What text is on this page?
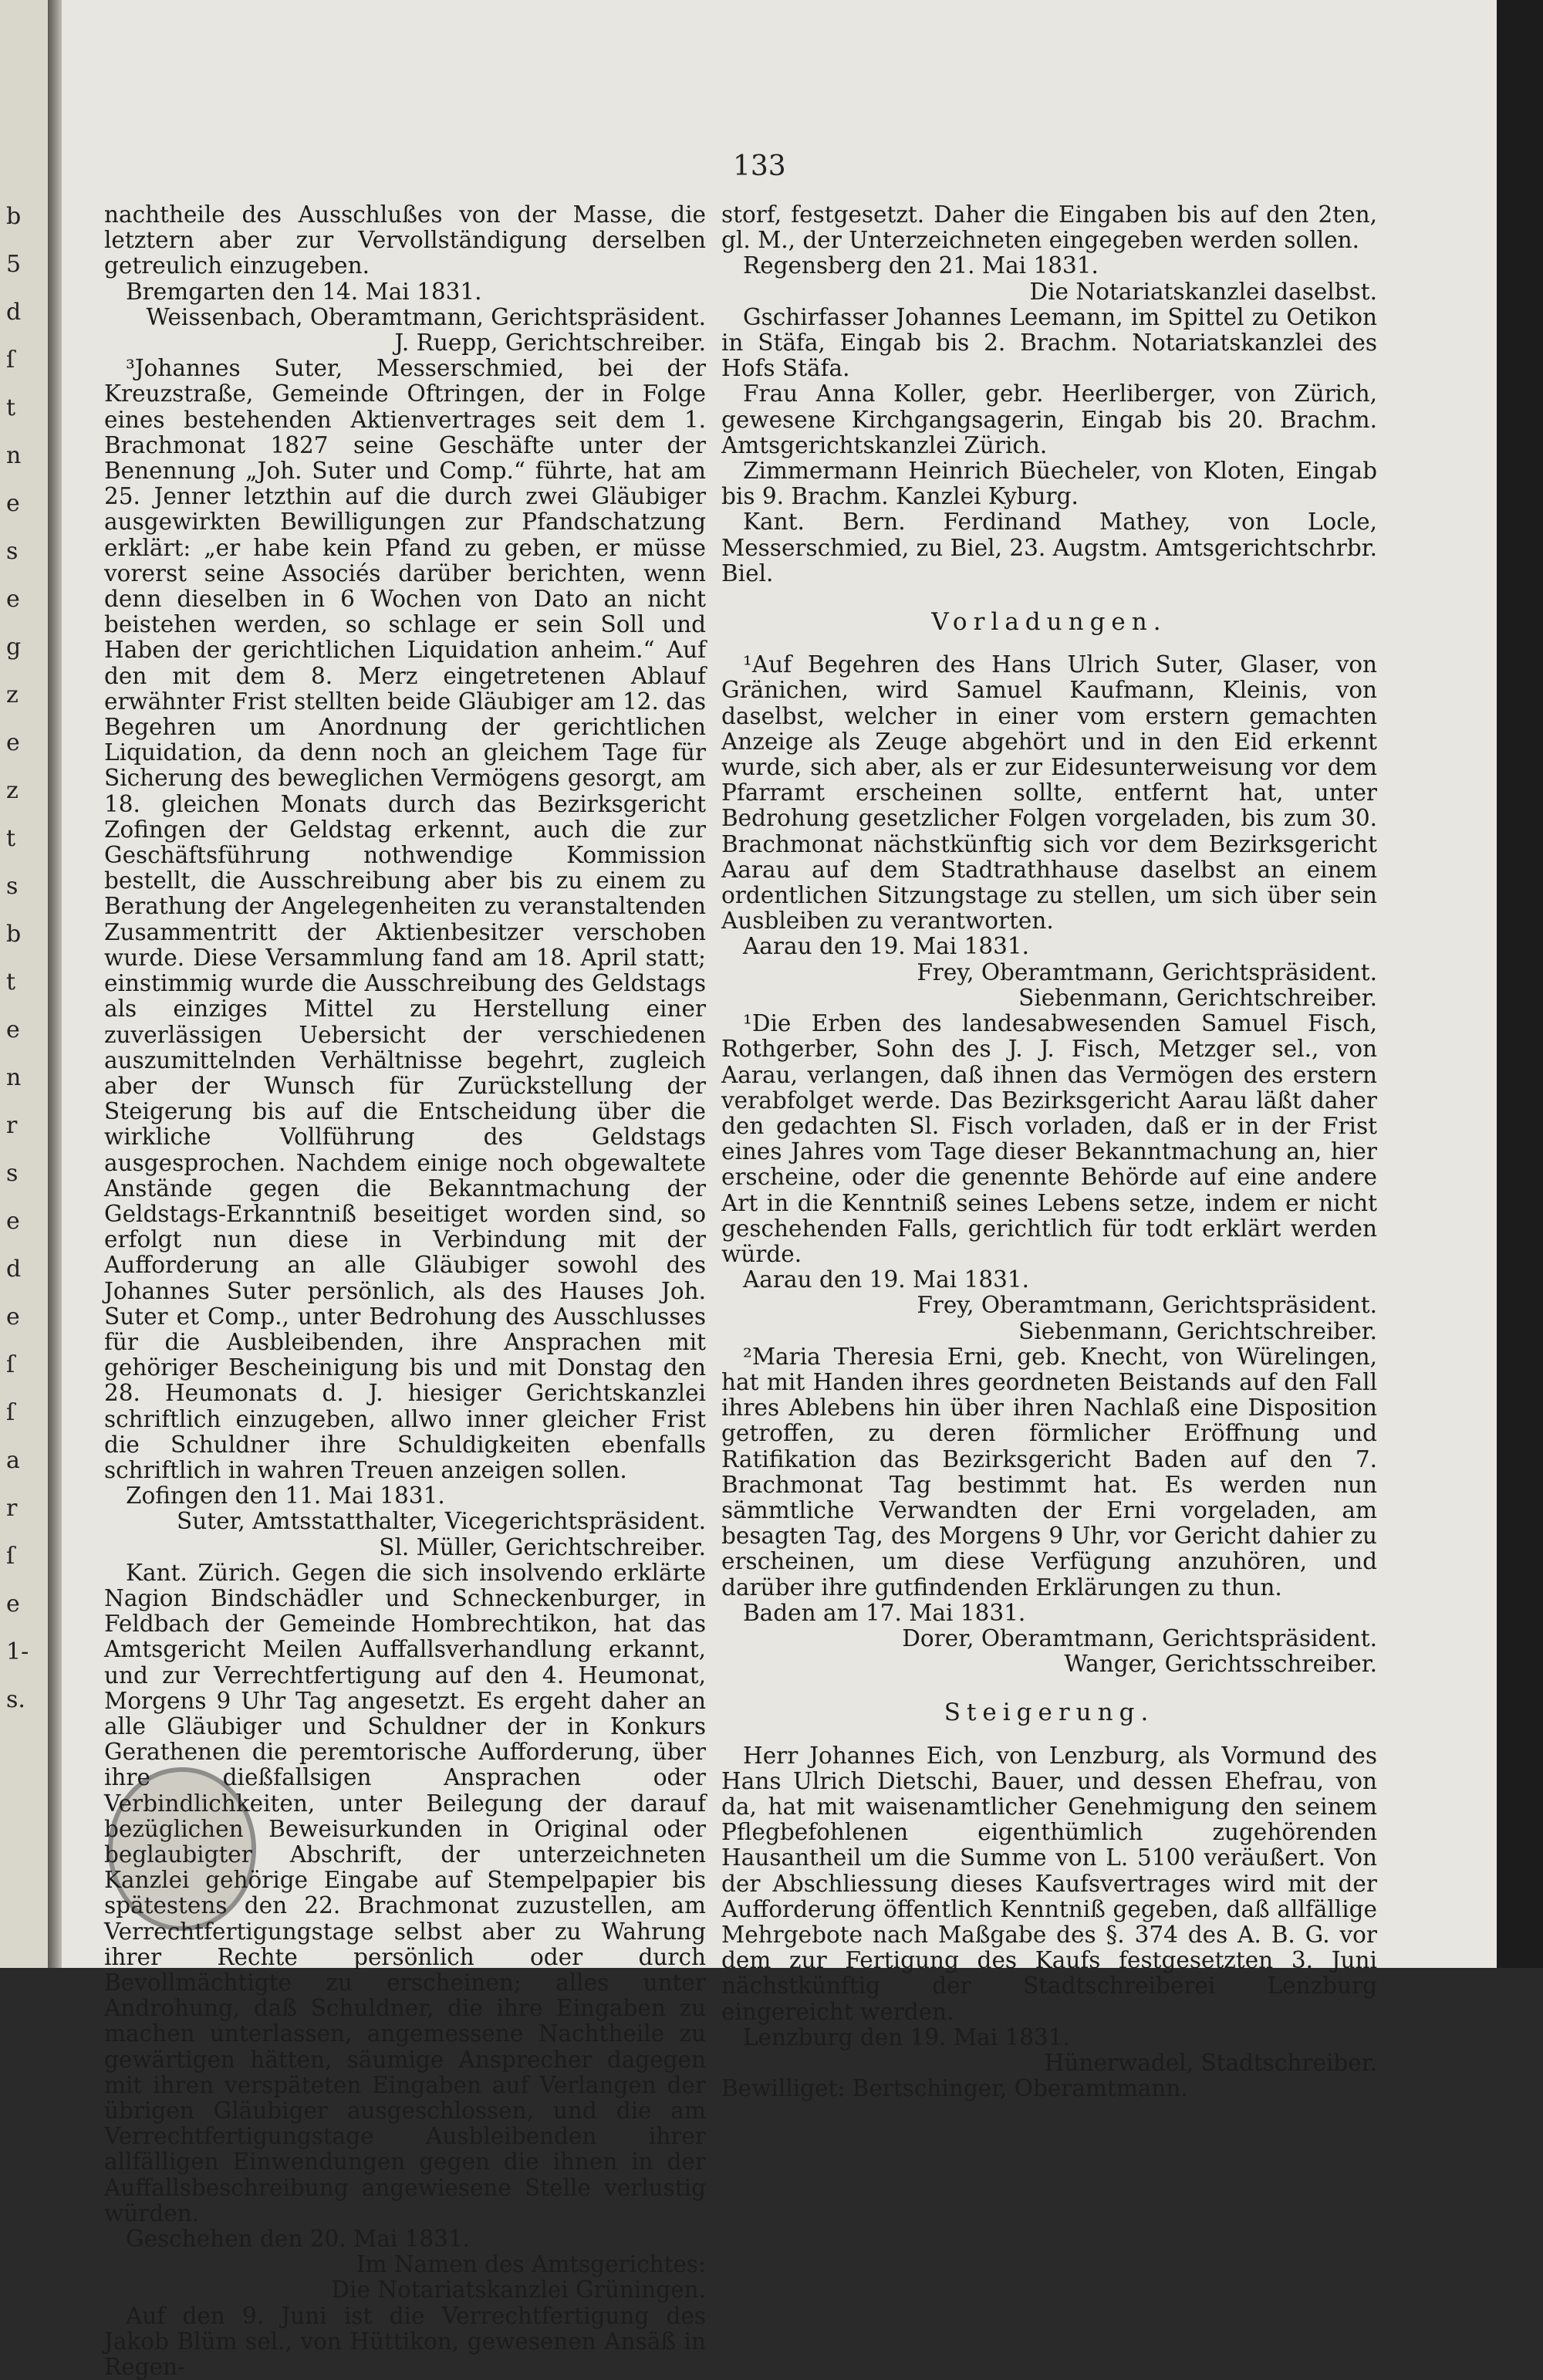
b
5
d
ſ
t
n
e
s
e
g
z
e
z
t
s
b
t
e
n
r
s
e
d
e
ſ
ſ
a
r
ſ
e
1-
s.
133

nachtheile des Ausschlußes von der Masse, die letztern aber zur Vervollständigung derselben getreulich einzugeben.

Bremgarten den 14. Mai 1831.

Weissenbach, Oberamtmann, Gerichtspräsident.

J. Ruepp, Gerichtschreiber.

³Johannes Suter, Messerschmied, bei der Kreuzstraße, Gemeinde Oftringen, der in Folge eines bestehenden Aktienvertrages seit dem 1. Brachmonat 1827 seine Geschäfte unter der Benennung „Joh. Suter und Comp.“ führte, hat am 25. Jenner letzthin auf die durch zwei Gläubiger ausgewirkten Bewilligungen zur Pfandschatzung erklärt: „er habe kein Pfand zu geben, er müsse vorerst seine Associés darüber berichten, wenn denn dieselben in 6 Wochen von Dato an nicht beistehen werden, so schlage er sein Soll und Haben der gerichtlichen Liquidation anheim.“ Auf den mit dem 8. Merz eingetretenen Ablauf erwähnter Frist stellten beide Gläubiger am 12. das Begehren um Anordnung der gerichtlichen Liquidation, da denn noch an gleichem Tage für Sicherung des beweglichen Vermögens gesorgt, am 18. gleichen Monats durch das Bezirksgericht Zofingen der Geldstag erkennt, auch die zur Geschäftsführung nothwendige Kommission bestellt, die Ausschreibung aber bis zu einem zu Berathung der Angelegenheiten zu veranstaltenden Zusammentritt der Aktienbesitzer verschoben wurde. Diese Versammlung fand am 18. April statt; einstimmig wurde die Ausschreibung des Geldstags als einziges Mittel zu Herstellung einer zuverlässigen Uebersicht der verschiedenen auszumittelnden Verhältnisse begehrt, zugleich aber der Wunsch für Zurückstellung der Steigerung bis auf die Entscheidung über die wirkliche Vollführung des Geldstags ausgesprochen. Nachdem einige noch obgewaltete Anstände gegen die Bekanntmachung der Geldstags-Erkanntniß beseitiget worden sind, so erfolgt nun diese in Verbindung mit der Aufforderung an alle Gläubiger sowohl des Johannes Suter persönlich, als des Hauses Joh. Suter et Comp., unter Bedrohung des Ausschlusses für die Ausbleibenden, ihre Ansprachen mit gehöriger Bescheinigung bis und mit Donstag den 28. Heumonats d. J. hiesiger Gerichtskanzlei schriftlich einzugeben, allwo inner gleicher Frist die Schuldner ihre Schuldigkeiten ebenfalls schriftlich in wahren Treuen anzeigen sollen.

Zofingen den 11. Mai 1831.

Suter, Amtsstatthalter, Vicegerichtspräsident.

Sl. Müller, Gerichtschreiber.

Kant. Zürich. Gegen die sich insolvendo erklärte Nagion Bindschädler und Schneckenburger, in Feldbach der Gemeinde Hombrechtikon, hat das Amtsgericht Meilen Auffallsverhandlung erkannt, und zur Verrechtfertigung auf den 4. Heumonat, Morgens 9 Uhr Tag angesetzt. Es ergeht daher an alle Gläubiger und Schuldner der in Konkurs Gerathenen die peremtorische Aufforderung, über ihre dießfallsigen Ansprachen oder Verbindlichkeiten, unter Beilegung der darauf bezüglichen Beweisurkunden in Original oder beglaubigter Abschrift, der unterzeichneten Kanzlei gehörige Eingabe auf Stempelpapier bis spätestens den 22. Brachmonat zuzustellen, am Verrechtfertigungstage selbst aber zu Wahrung ihrer Rechte persönlich oder durch Bevollmächtigte zu erscheinen; alles unter Androhung, daß Schuldner, die ihre Eingaben zu machen unterlassen, angemessene Nachtheile zu gewärtigen hätten, säumige Ansprecher dagegen mit ihren verspäteten Eingaben auf Verlangen der übrigen Gläubiger ausgeschlossen, und die am Verrechtfertigungstage Ausbleibenden ihrer allfälligen Einwendungen gegen die ihnen in der Auffallsbeschreibung angewiesene Stelle verlustig würden.

Geschehen den 20. Mai 1831.

Im Namen des Amtsgerichtes:

Die Notariatskanzlei Grüningen.

Auf den 9. Juni ist die Verrechtfertigung des Jakob Blüm sel., von Hüttikon, gewesenen Ansäß in Regen-

storf, festgesetzt. Daher die Eingaben bis auf den 2ten, gl. M., der Unterzeichneten eingegeben werden sollen.

Regensberg den 21. Mai 1831.

Die Notariatskanzlei daselbst.

Gschirfasser Johannes Leemann, im Spittel zu Oetikon in Stäfa, Eingab bis 2. Brachm. Notariatskanzlei des Hofs Stäfa.

Frau Anna Koller, gebr. Heerliberger, von Zürich, gewesene Kirchgangsagerin, Eingab bis 20. Brachm. Amtsgerichtskanzlei Zürich.

Zimmermann Heinrich Büecheler, von Kloten, Eingab bis 9. Brachm. Kanzlei Kyburg.

Kant. Bern. Ferdinand Mathey, von Locle, Messerschmied, zu Biel, 23. Augstm. Amtsgerichtschrbr. Biel.

Vorladungen.

¹Auf Begehren des Hans Ulrich Suter, Glaser, von Gränichen, wird Samuel Kaufmann, Kleinis, von daselbst, welcher in einer vom erstern gemachten Anzeige als Zeuge abgehört und in den Eid erkennt wurde, sich aber, als er zur Eidesunterweisung vor dem Pfarramt erscheinen sollte, entfernt hat, unter Bedrohung gesetzlicher Folgen vorgeladen, bis zum 30. Brachmonat nächstkünftig sich vor dem Bezirksgericht Aarau auf dem Stadtrathhause daselbst an einem ordentlichen Sitzungstage zu stellen, um sich über sein Ausbleiben zu verantworten.

Aarau den 19. Mai 1831.

Frey, Oberamtmann, Gerichtspräsident.

Siebenmann, Gerichtschreiber.

¹Die Erben des landesabwesenden Samuel Fisch, Rothgerber, Sohn des J. J. Fisch, Metzger sel., von Aarau, verlangen, daß ihnen das Vermögen des erstern verabfolget werde. Das Bezirksgericht Aarau läßt daher den gedachten Sl. Fisch vorladen, daß er in der Frist eines Jahres vom Tage dieser Bekanntmachung an, hier erscheine, oder die genennte Behörde auf eine andere Art in die Kenntniß seines Lebens setze, indem er nicht geschehenden Falls, gerichtlich für todt erklärt werden würde.

Aarau den 19. Mai 1831.

Frey, Oberamtmann, Gerichtspräsident.

Siebenmann, Gerichtschreiber.

²Maria Theresia Erni, geb. Knecht, von Würelingen, hat mit Handen ihres geordneten Beistands auf den Fall ihres Ablebens hin über ihren Nachlaß eine Disposition getroffen, zu deren förmlicher Eröffnung und Ratifikation das Bezirksgericht Baden auf den 7. Brachmonat Tag bestimmt hat. Es werden nun sämmtliche Verwandten der Erni vorgeladen, am besagten Tag, des Morgens 9 Uhr, vor Gericht dahier zu erscheinen, um diese Verfügung anzuhören, und darüber ihre gutfindenden Erklärungen zu thun.

Baden am 17. Mai 1831.

Dorer, Oberamtmann, Gerichtspräsident.

Wanger, Gerichtsschreiber.

Steigerung.

Herr Johannes Eich, von Lenzburg, als Vormund des Hans Ulrich Dietschi, Bauer, und dessen Ehefrau, von da, hat mit waisenamtlicher Genehmigung den seinem Pflegbefohlenen eigenthümlich zugehörenden Hausantheil um die Summe von L. 5100 veräußert. Von der Abschliessung dieses Kaufsvertrages wird mit der Aufforderung öffentlich Kenntniß gegeben, daß allfällige Mehrgebote nach Maßgabe des §. 374 des A. B. G. vor dem zur Fertigung des Kaufs festgesetzten 3. Juni nächstkünftig der Stadtschreiberei Lenzburg eingereicht werden.

Lenzburg den 19. Mai 1831.

Hünerwadel, Stadtschreiber.

Bewilliget: Bertschinger, Oberamtmann.
